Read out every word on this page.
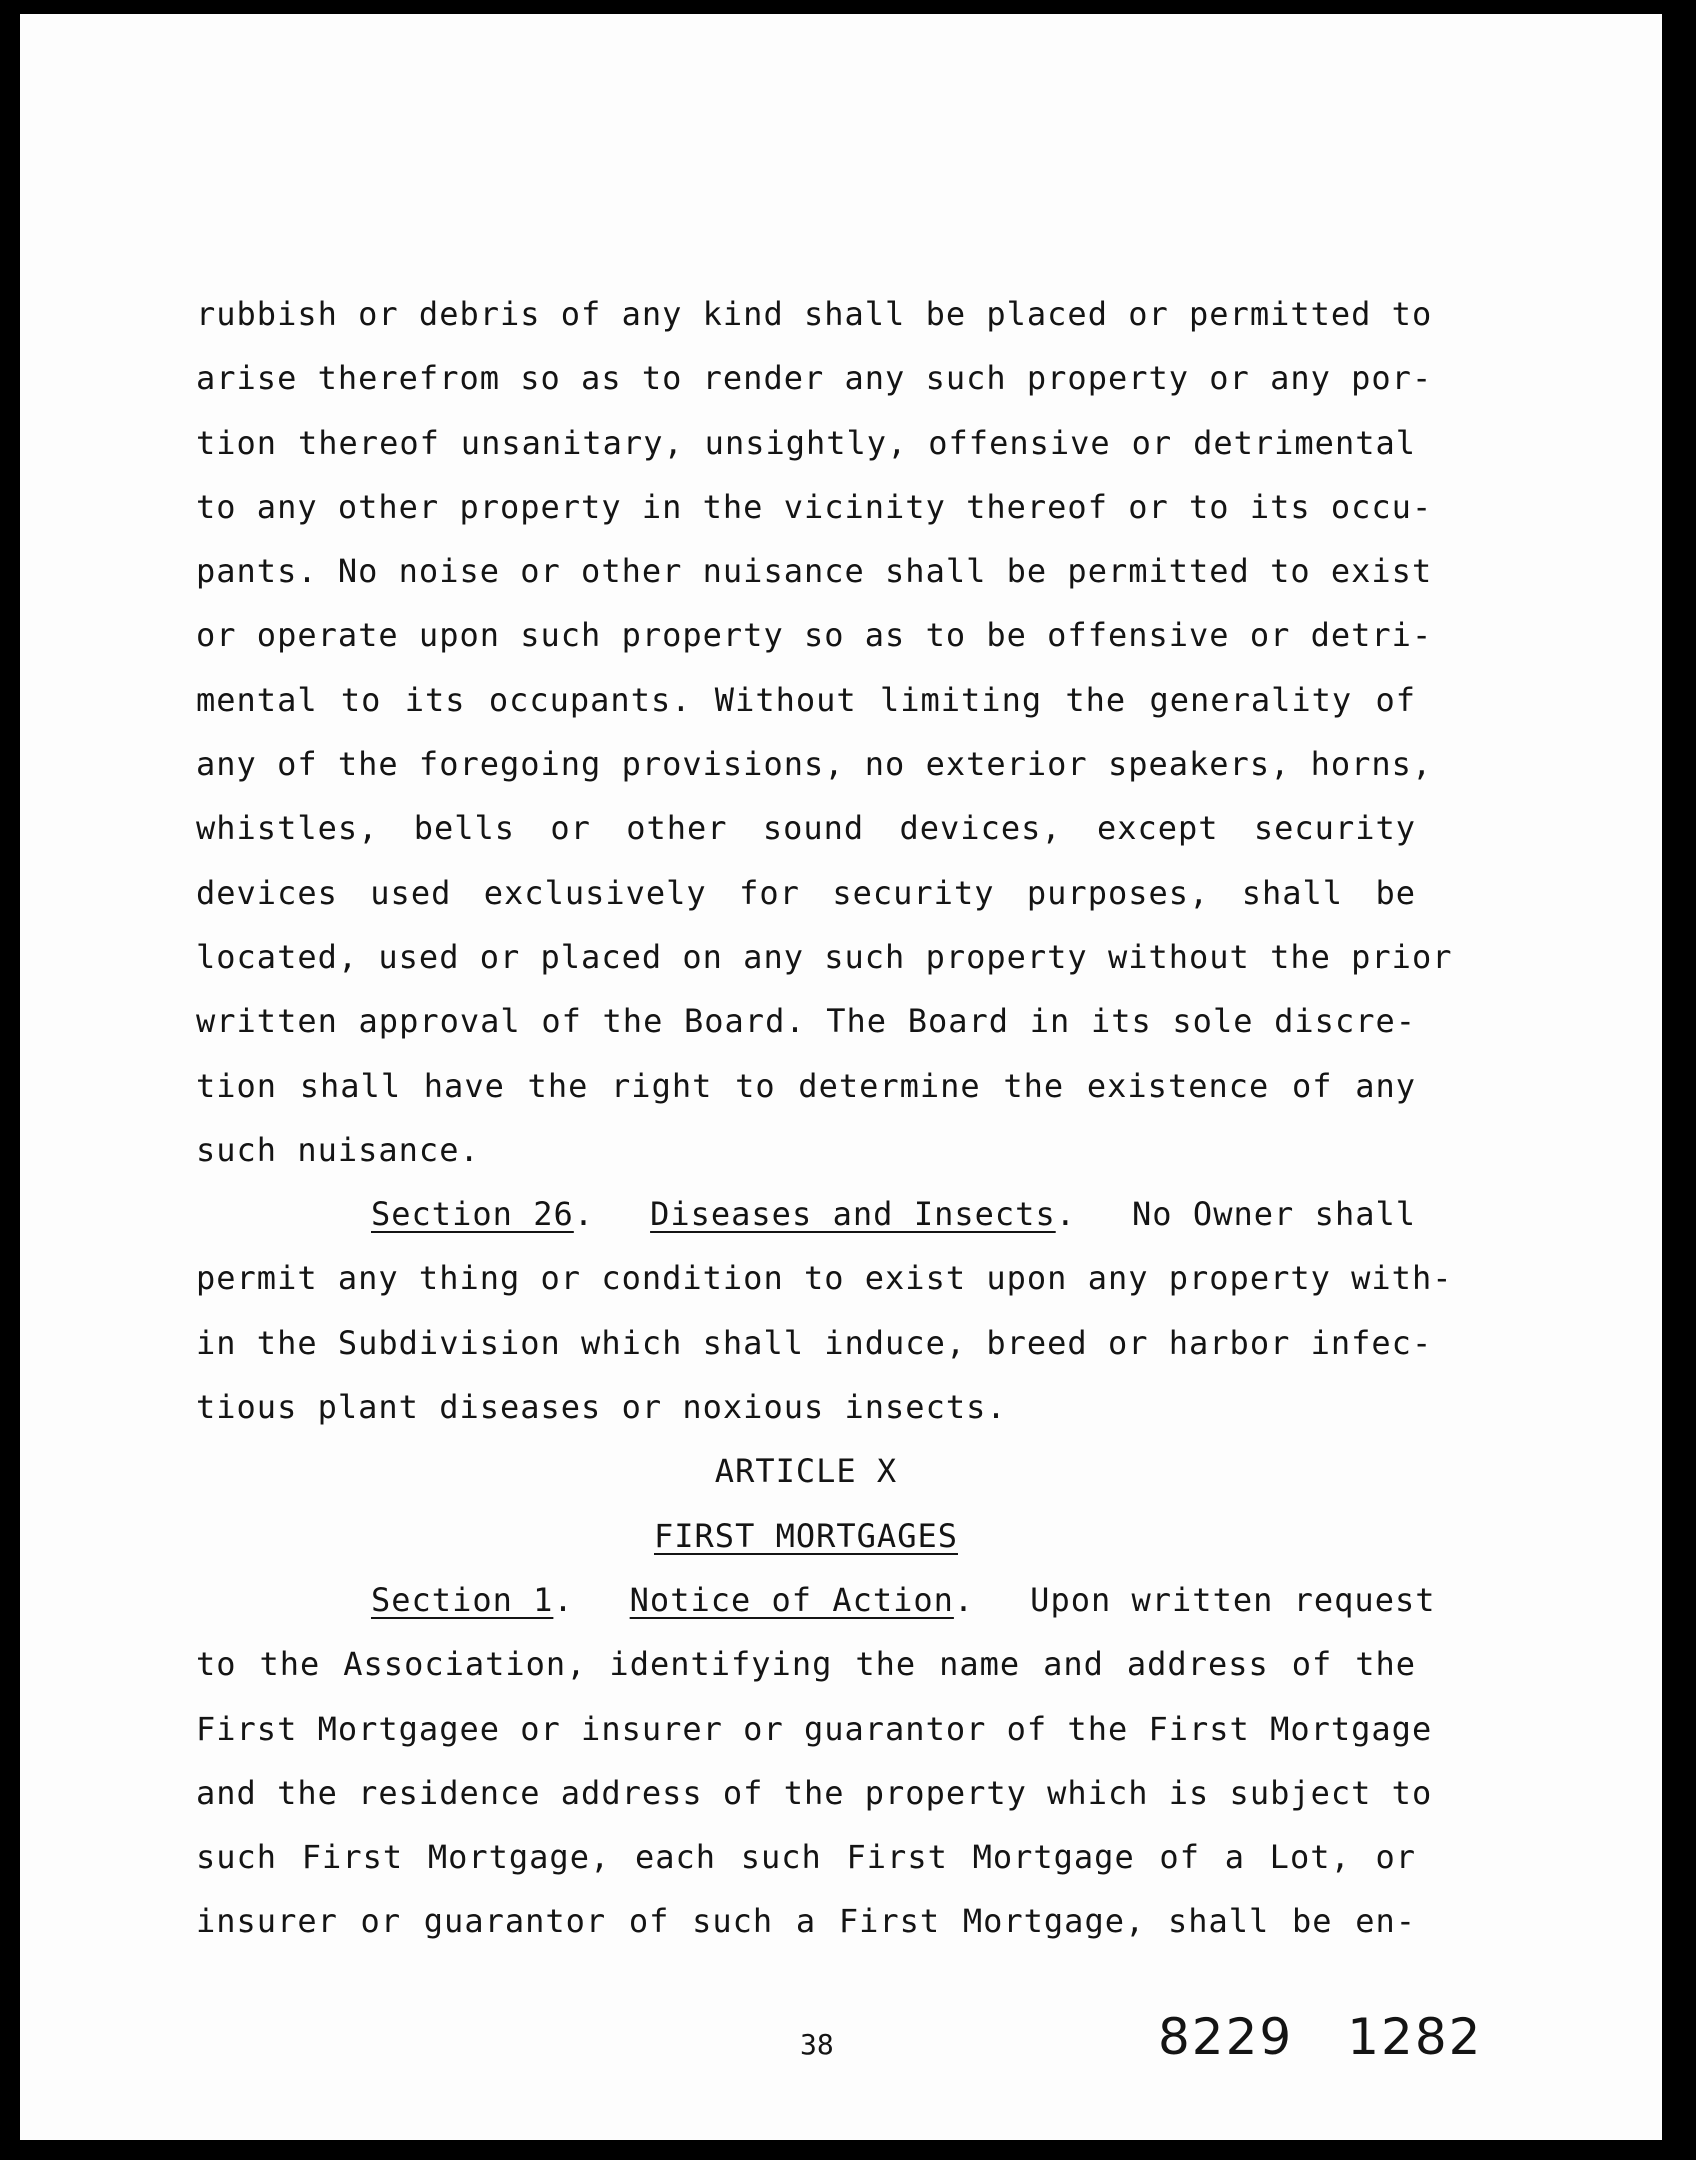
rubbish or debris of any kind shall be placed or permitted to
arise therefrom so as to render any such property or any por-
tion thereof unsanitary, unsightly, offensive or detrimental
to any other property in the vicinity thereof or to its occu-
pants. No noise or other nuisance shall be permitted to exist
or operate upon such property so as to be offensive or detri-
mental to its occupants. Without limiting the generality of
any of the foregoing provisions, no exterior speakers, horns,
whistles, bells or other sound devices, except security
devices used exclusively for security purposes, shall be
located, used or placed on any such property without the prior
written approval of the Board. The Board in its sole discre-
tion shall have the right to determine the existence of any
such nuisance.
Section 26. Diseases and Insects. No Owner shall
permit any thing or condition to exist upon any property with-
in the Subdivision which shall induce, breed or harbor infec-
tious plant diseases or noxious insects.
ARTICLE X
FIRST MORTGAGES
Section 1. Notice of Action. Upon written request
to the Association, identifying the name and address of the
First Mortgagee or insurer or guarantor of the First Mortgage
and the residence address of the property which is subject to
such First Mortgage, each such First Mortgage of a Lot, or
insurer or guarantor of such a First Mortgage, shall be en-
38	8229 1282
